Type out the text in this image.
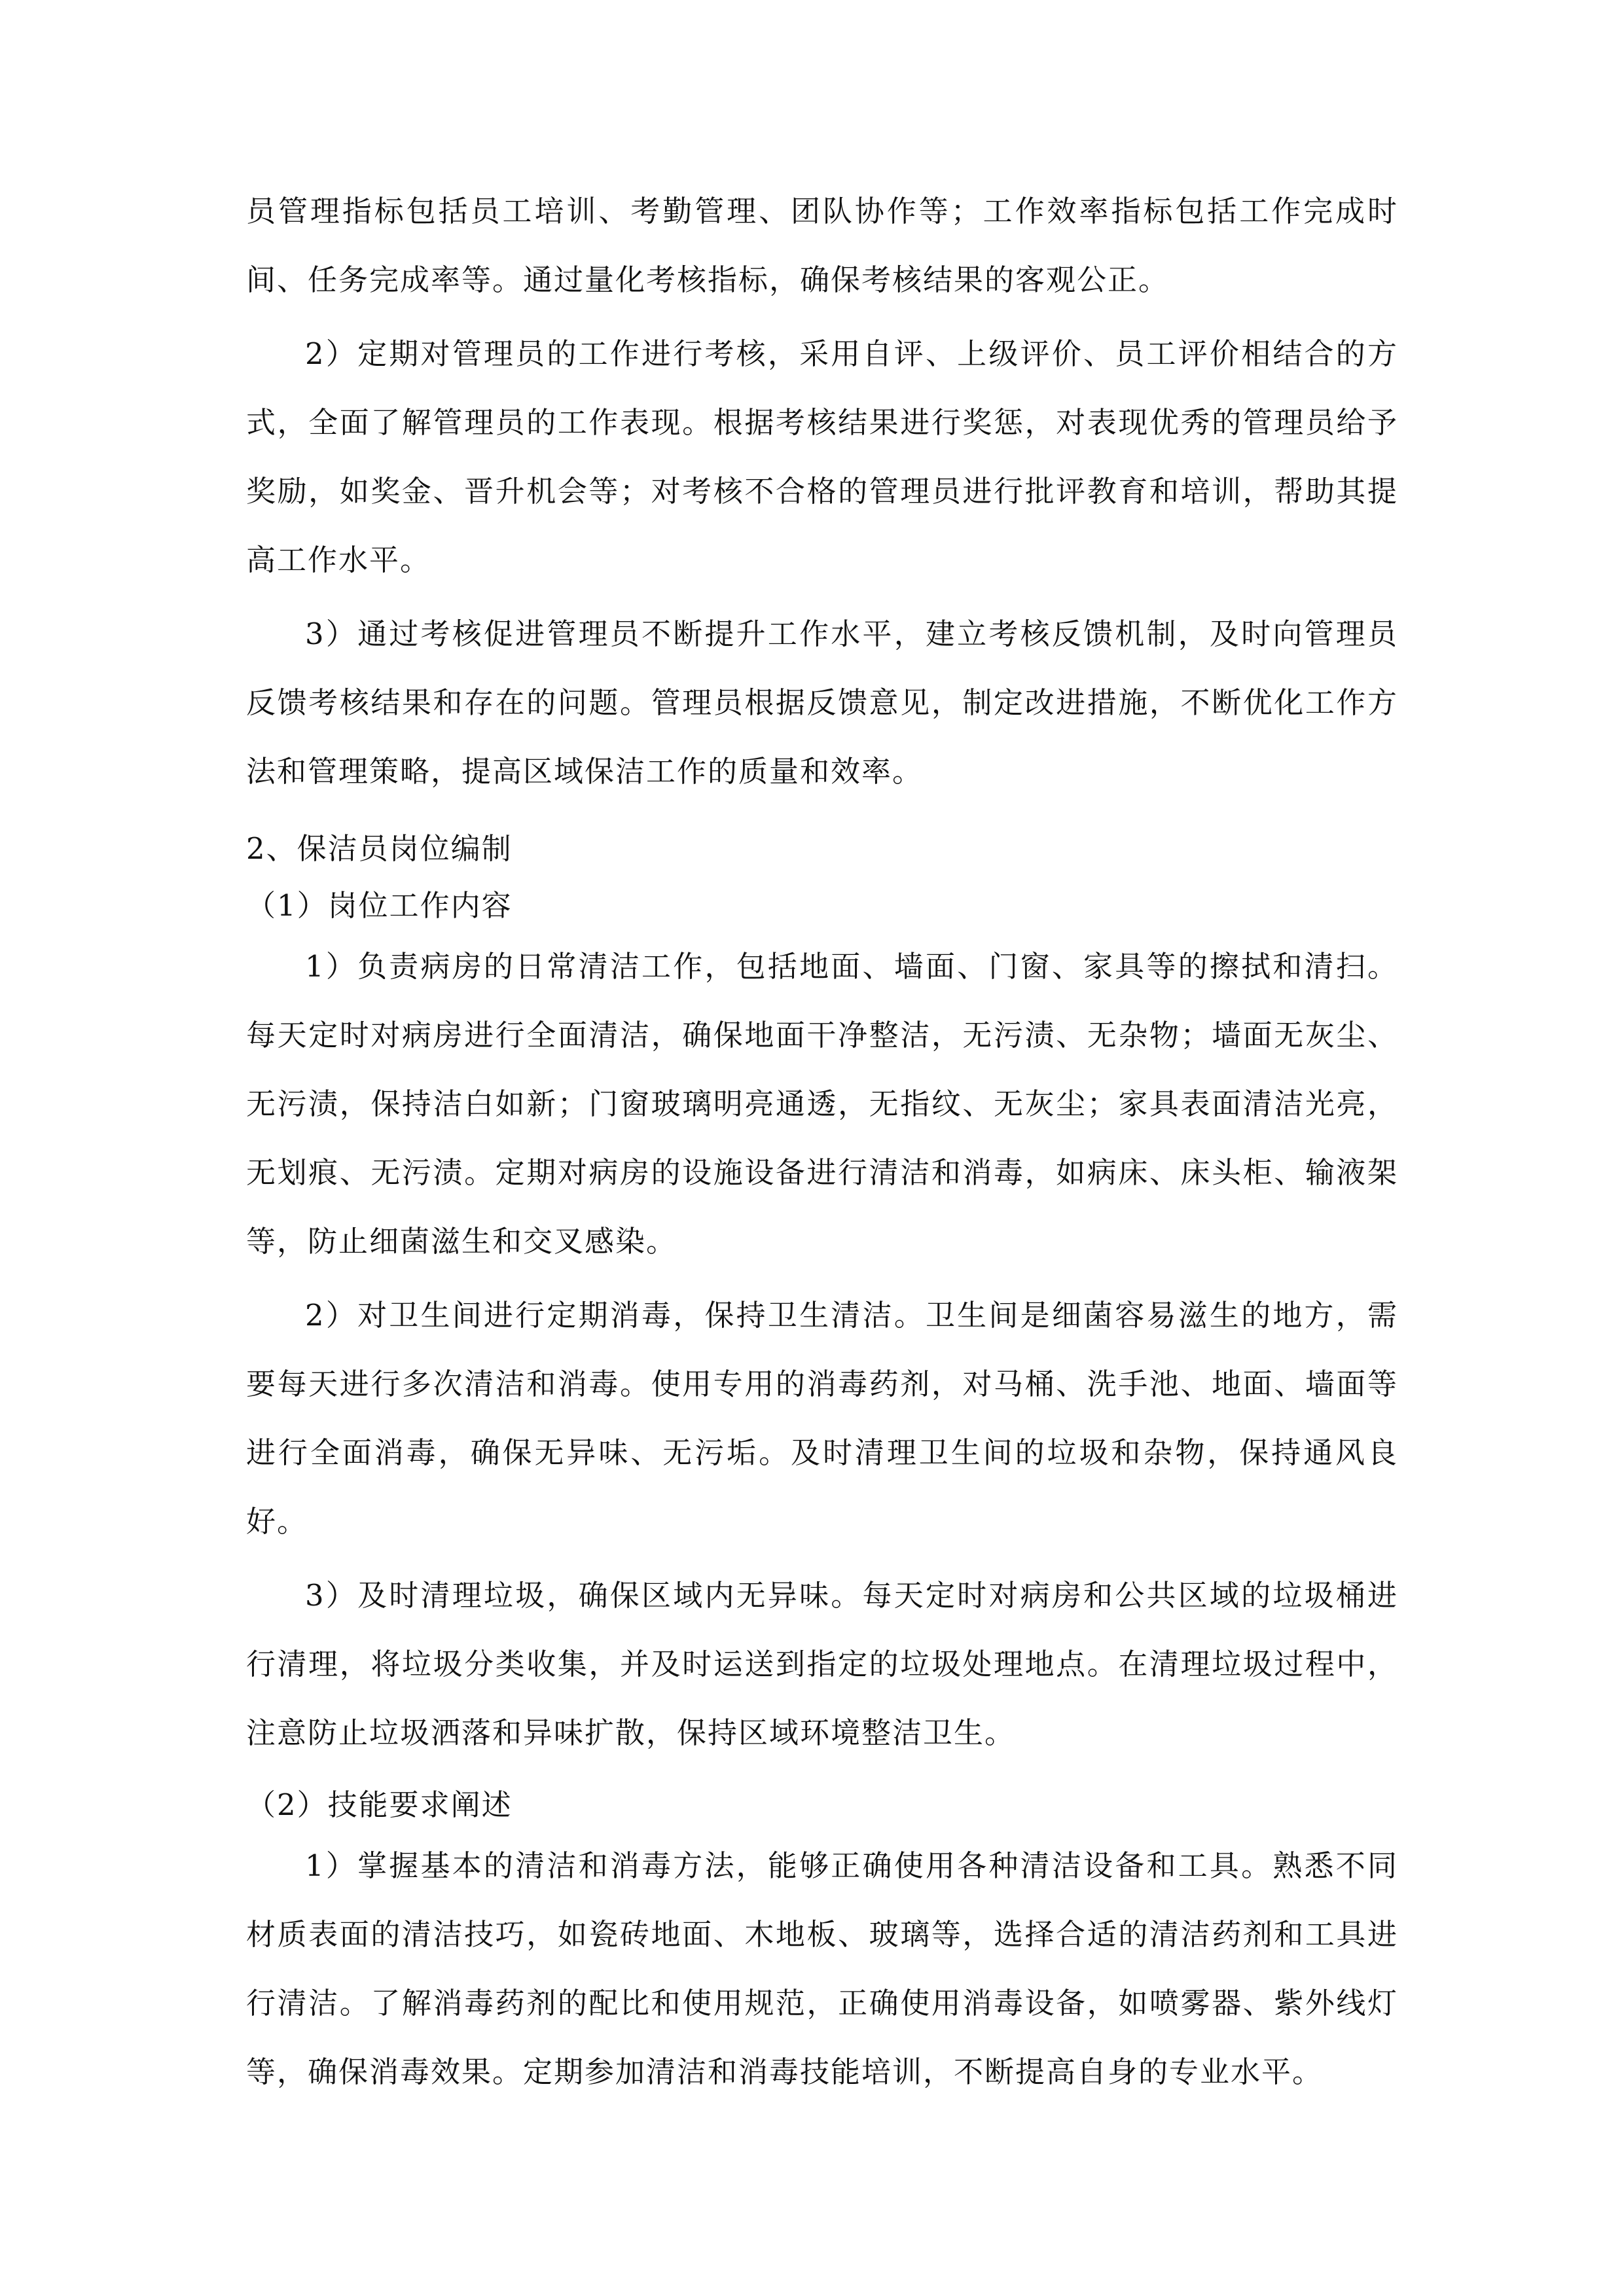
员管理指标包括员工培训、考勤管理、团队协作等；工作效率指标包括工作完成时间、任务完成率等。通过量化考核指标，确保考核结果的客观公正。

2）定期对管理员的工作进行考核，采用自评、上级评价、员工评价相结合的方式，全面了解管理员的工作表现。根据考核结果进行奖惩，对表现优秀的管理员给予奖励，如奖金、晋升机会等；对考核不合格的管理员进行批评教育和培训，帮助其提高工作水平。

3）通过考核促进管理员不断提升工作水平，建立考核反馈机制，及时向管理员反馈考核结果和存在的问题。管理员根据反馈意见，制定改进措施，不断优化工作方法和管理策略，提高区域保洁工作的质量和效率。

2、保洁员岗位编制

（1）岗位工作内容

1）负责病房的日常清洁工作，包括地面、墙面、门窗、家具等的擦拭和清扫。每天定时对病房进行全面清洁，确保地面干净整洁，无污渍、无杂物；墙面无灰尘、无污渍，保持洁白如新；门窗玻璃明亮通透，无指纹、无灰尘；家具表面清洁光亮，无划痕、无污渍。定期对病房的设施设备进行清洁和消毒，如病床、床头柜、输液架等，防止细菌滋生和交叉感染。

2）对卫生间进行定期消毒，保持卫生清洁。卫生间是细菌容易滋生的地方，需要每天进行多次清洁和消毒。使用专用的消毒药剂，对马桶、洗手池、地面、墙面等进行全面消毒，确保无异味、无污垢。及时清理卫生间的垃圾和杂物，保持通风良好。

3）及时清理垃圾，确保区域内无异味。每天定时对病房和公共区域的垃圾桶进行清理，将垃圾分类收集，并及时运送到指定的垃圾处理地点。在清理垃圾过程中，注意防止垃圾洒落和异味扩散，保持区域环境整洁卫生。

（2）技能要求阐述

1）掌握基本的清洁和消毒方法，能够正确使用各种清洁设备和工具。熟悉不同材质表面的清洁技巧，如瓷砖地面、木地板、玻璃等，选择合适的清洁药剂和工具进行清洁。了解消毒药剂的配比和使用规范，正确使用消毒设备，如喷雾器、紫外线灯等，确保消毒效果。定期参加清洁和消毒技能培训，不断提高自身的专业水平。
